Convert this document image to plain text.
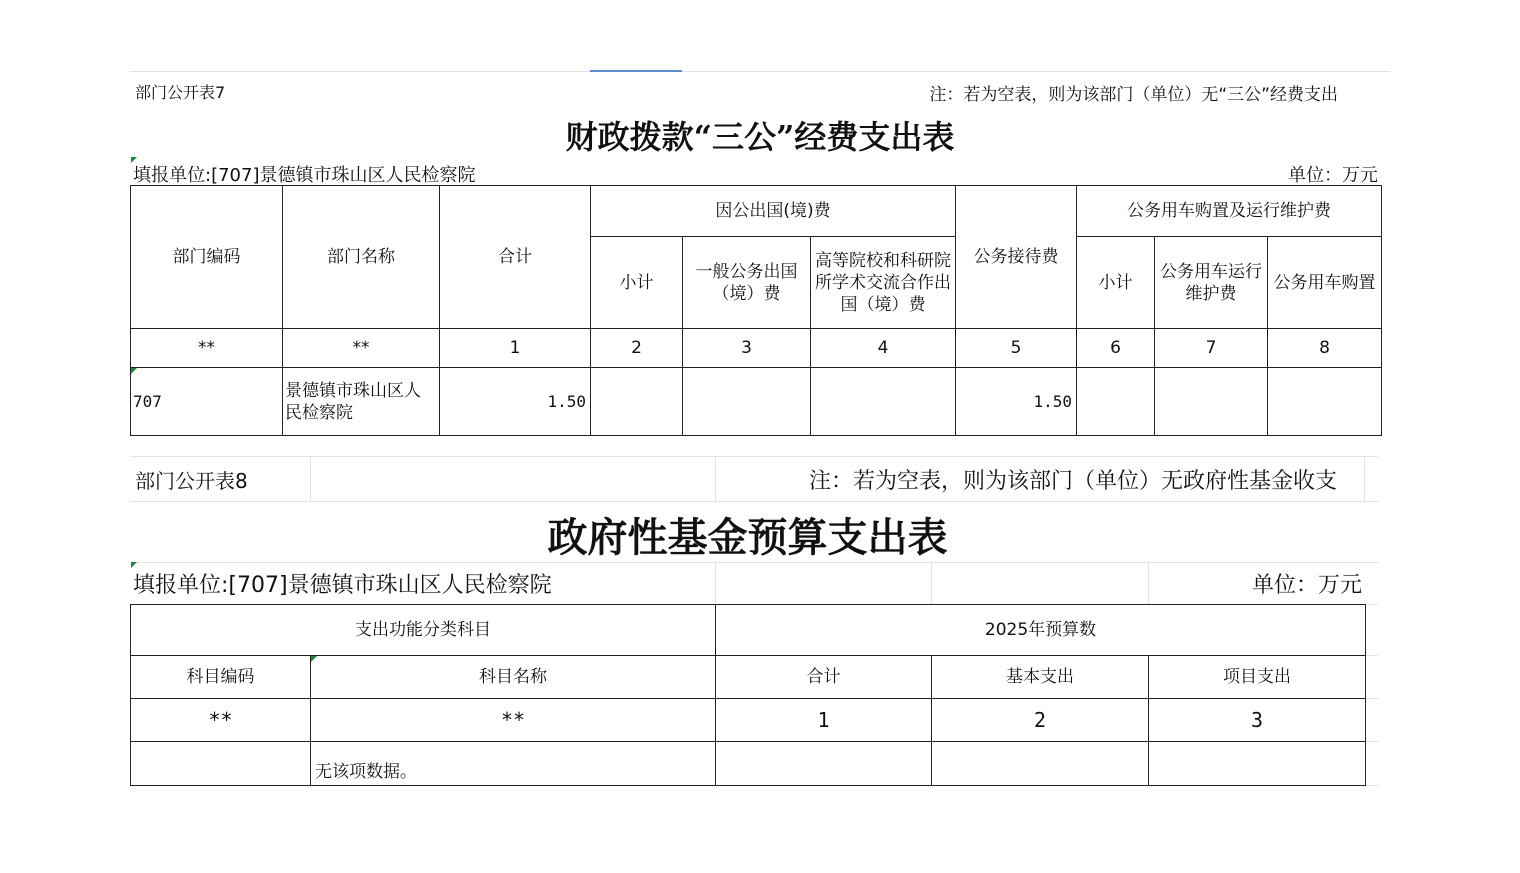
部门公开表7	注：若为空表，则为该部门（单位）无“三公”经费支出
财政拨款“三公”经费支出表
填报单位:[707]景德镇市珠山区人民检察院	单位：万元
部门编码	部门名称	合计	因公出国(境)费			公务接待费	公务用车购置及运行维护费		
			小计	一般公务出国（境）费	高等院校和科研院所学术交流合作出国（境）费		小计	公务用车运行维护费	公务用车购置
**	**	1	2	3	4	5	6	7	8
707	景德镇市珠山区人民检察院	1.50				1.50			
部门公开表8	注：若为空表，则为该部门（单位）无政府性基金收支
政府性基金预算支出表
填报单位:[707]景德镇市珠山区人民检察院	单位：万元
支出功能分类科目		2025年预算数		
科目编码	科目名称	合计	基本支出	项目支出
**	**	1	2	3
	无该项数据。			
